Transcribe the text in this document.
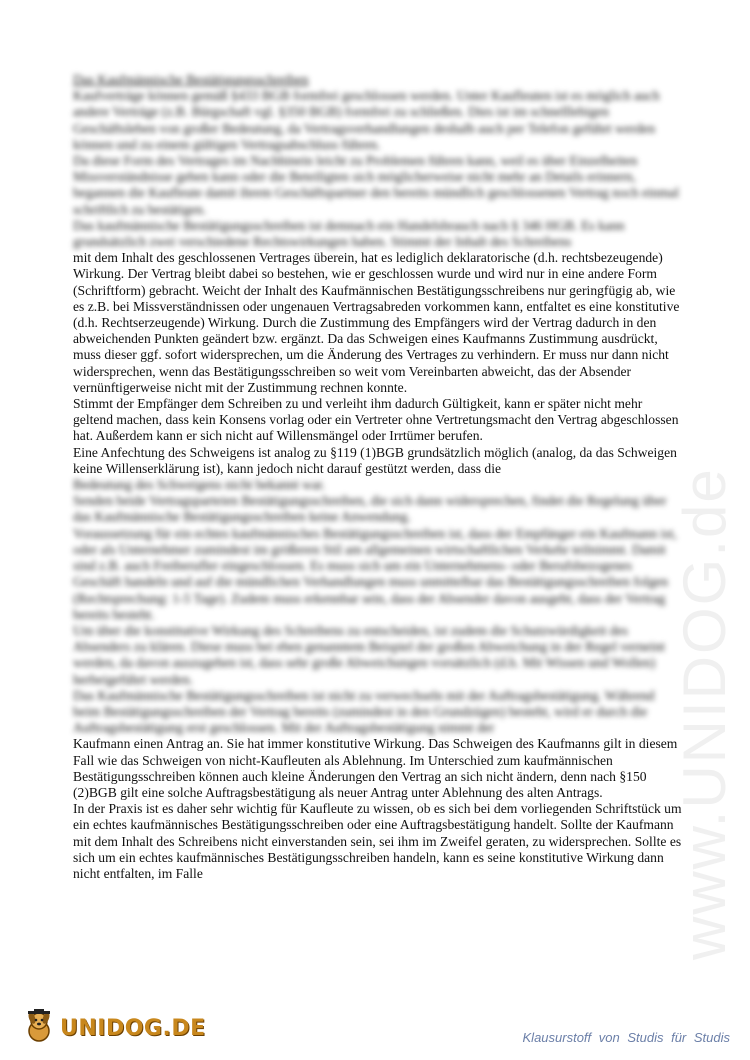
www.UNIDOG.de

Das Kaufmännische Bestätigungsschreiben

Kaufverträge können gemäß §433 BGB formfrei geschlossen werden. Unter Kaufleuten ist es möglich auch andere Verträge (z.B. Bürgschaft vgl. §350 BGB) formfrei zu schließen. Dies ist im schnelllebigen Geschäftsleben von großer Bedeutung, da Vertragsverhandlungen deshalb auch per Telefon geführt werden können und zu einem gültigen Vertragsabschluss führen.

Da diese Form des Vertrages im Nachhinein leicht zu Problemen führen kann, weil es über Einzelheiten Missverständnisse geben kann oder die Beteiligten sich möglicherweise nicht mehr an Details erinnern, begannen die Kaufleute damit ihrem Geschäftspartner den bereits mündlich geschlossenen Vertrag noch einmal schriftlich zu bestätigen.

Das kaufmännische Bestätigungsschreiben ist demnach ein Handelsbrauch nach § 346 HGB. Es kann grundsätzlich zwei verschiedene Rechtswirkungen haben. Stimmt der Inhalt des Schreibens

mit dem Inhalt des geschlossenen Vertrages überein, hat es lediglich deklaratorische (d.h. rechtsbezeugende) Wirkung. Der Vertrag bleibt dabei so bestehen, wie er geschlossen wurde und wird nur in eine andere Form (Schriftform) gebracht. Weicht der Inhalt des Kaufmännischen Bestätigungsschreibens nur geringfügig ab, wie es z.B. bei Missverständnissen oder ungenauen Vertragsabreden vorkommen kann, entfaltet es eine konstitutive (d.h. Rechtserzeugende) Wirkung. Durch die Zustimmung des Empfängers wird der Vertrag dadurch in den abweichenden Punkten geändert bzw. ergänzt. Da das Schweigen eines Kaufmanns Zustimmung ausdrückt, muss dieser ggf. sofort widersprechen, um die Änderung des Vertrages zu verhindern. Er muss nur dann nicht widersprechen, wenn das Bestätigungsschreiben so weit vom Vereinbarten abweicht, das der Absender vernünftigerweise nicht mit der Zustimmung rechnen konnte.

Stimmt der Empfänger dem Schreiben zu und verleiht ihm dadurch Gültigkeit, kann er später nicht mehr geltend machen, dass kein Konsens vorlag oder ein Vertreter ohne Vertretungsmacht den Vertrag abgeschlossen hat. Außerdem kann er sich nicht auf Willensmängel oder Irrtümer berufen.

Eine Anfechtung des Schweigens ist analog zu §119 (1)BGB grundsätzlich möglich (analog, da das Schweigen keine Willenserklärung ist), kann jedoch nicht darauf gestützt werden, dass die

Bedeutung des Schweigens nicht bekannt war.

Senden beide Vertragsparteien Bestätigungsschreiben, die sich dann widersprechen, findet die Regelung über das Kaufmännische Bestätigungsschreiben keine Anwendung.

Voraussetzung für ein echtes kaufmännisches Bestätigungsschreiben ist, dass der Empfänger ein Kaufmann ist, oder als Unternehmer zumindest im größeren Stil am allgemeinen wirtschaftlichen Verkehr teilnimmt. Damit sind z.B. auch Freiberufler eingeschlossen. Es muss sich um ein Unternehmens- oder Berufsbezogenes Geschäft handeln und auf die mündlichen Verhandlungen muss unmittelbar das Bestätigungsschreiben folgen (Rechtsprechung: 1-5 Tage). Zudem muss erkennbar sein, dass der Absender davon ausgeht, dass der Vertrag bereits besteht.

Um über die konstitutive Wirkung des Schreibens zu entscheiden, ist zudem die Schutzwürdigkeit des Absenders zu klären. Diese muss bei eben genanntem Beispiel der großen Abweichung in der Regel verneint werden, da davon auszugehen ist, dass sehr große Abweichungen vorsätzlich (d.h. Mit Wissen und Wollen) herbeigeführt werden.

Das Kaufmännische Bestätigungsschreiben ist nicht zu verwechseln mit der Auftragsbestätigung. Während beim Bestätigungsschreiben der Vertrag bereits (zumindest in den Grundzügen) besteht, wird er durch die Auftragsbestätigung erst geschlossen. Mit der Auftragsbestätigung nimmt der

Kaufmann einen Antrag an. Sie hat immer konstitutive Wirkung. Das Schweigen des Kaufmanns gilt in diesem Fall wie das Schweigen von nicht-Kaufleuten als Ablehnung. Im Unterschied zum kaufmännischen Bestätigungsschreiben können auch kleine Änderungen den Vertrag an sich nicht ändern, denn nach §150 (2)BGB gilt eine solche Auftragsbestätigung als neuer Antrag unter Ablehnung des alten Antrags.

In der Praxis ist es daher sehr wichtig für Kaufleute zu wissen, ob es sich bei dem vorliegenden Schriftstück um ein echtes kaufmännisches Bestätigungsschreiben oder eine Auftragsbestätigung handelt. Sollte der Kaufmann mit dem Inhalt des Schreibens nicht einverstanden sein, sei ihm im Zweifel geraten, zu widersprechen. Sollte es sich um ein echtes kaufmännisches Bestätigungsschreiben handeln, kann es seine konstitutive Wirkung dann nicht entfalten, im Falle

UNIDOG.DE	Klausurstoff von Studis für Studis
